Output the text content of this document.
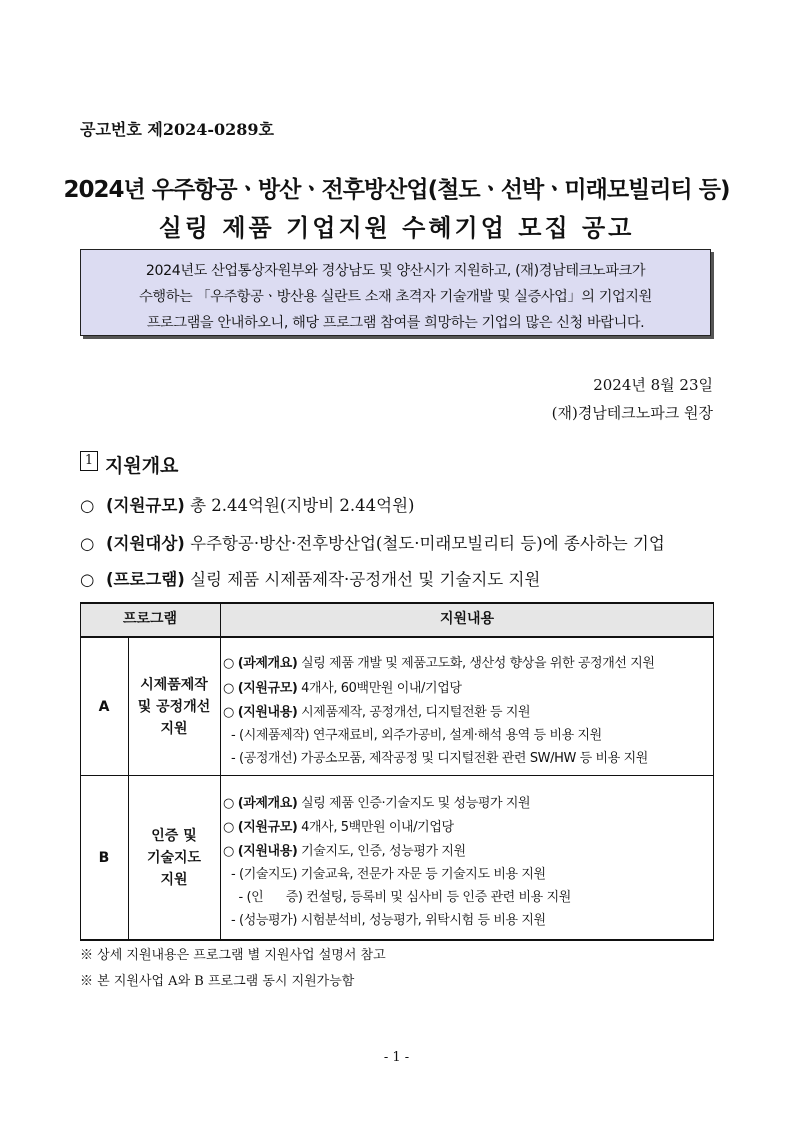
공고번호 제2024-0289호
2024년 우주항공ㆍ방산ㆍ전후방산업(철도ㆍ선박ㆍ미래모빌리티 등)
실링 제품 기업지원 수혜기업 모집 공고
2024년도 산업통상자원부와 경상남도 및 양산시가 지원하고, (재)경남테크노파크가
수행하는 「우주항공ㆍ방산용 실란트 소재 초격자 기술개발 및 실증사업」의 기업지원
프로그램을 안내하오니, 해당 프로그램 참여를 희망하는 기업의 많은 신청 바랍니다.
2024년 8월 23일
(재)경남테크노파크 원장
1 지원개요
○ (지원규모) 총 2.44억원(지방비 2.44억원)
○ (지원대상) 우주항공·방산·전후방산업(철도·미래모빌리티 등)에 종사하는 기업
○ (프로그램) 실링 제품 시제품제작·공정개선 및 기술지도 지원
프로그램	지원내용
A
시제품제작
및 공정개선
지원
○ (과제개요) 실링 제품 개발 및 제품고도화, 생산성 향상을 위한 공정개선 지원
○ (지원규모) 4개사, 60백만원 이내/기업당
○ (지원내용) 시제품제작, 공정개선, 디지털전환 등 지원
- (시제품제작) 연구재료비, 외주가공비, 설계·해석 용역 등 비용 지원
- (공정개선) 가공소모품, 제작공정 및 디지털전환 관련 SW/HW 등 비용 지원
B
인증 및
기술지도
지원
○ (과제개요) 실링 제품 인증·기술지도 및 성능평가 지원
○ (지원규모) 4개사, 5백만원 이내/기업당
○ (지원내용) 기술지도, 인증, 성능평가 지원
- (기술지도) 기술교육, 전문가 자문 등 기술지도 비용 지원
- (인      증) 컨설팅, 등록비 및 심사비 등 인증 관련 비용 지원
- (성능평가) 시험분석비, 성능평가, 위탁시험 등 비용 지원
※ 상세 지원내용은 프로그램 별 지원사업 설명서 참고
※ 본 지원사업 A와 B 프로그램 동시 지원가능함
- 1 -
